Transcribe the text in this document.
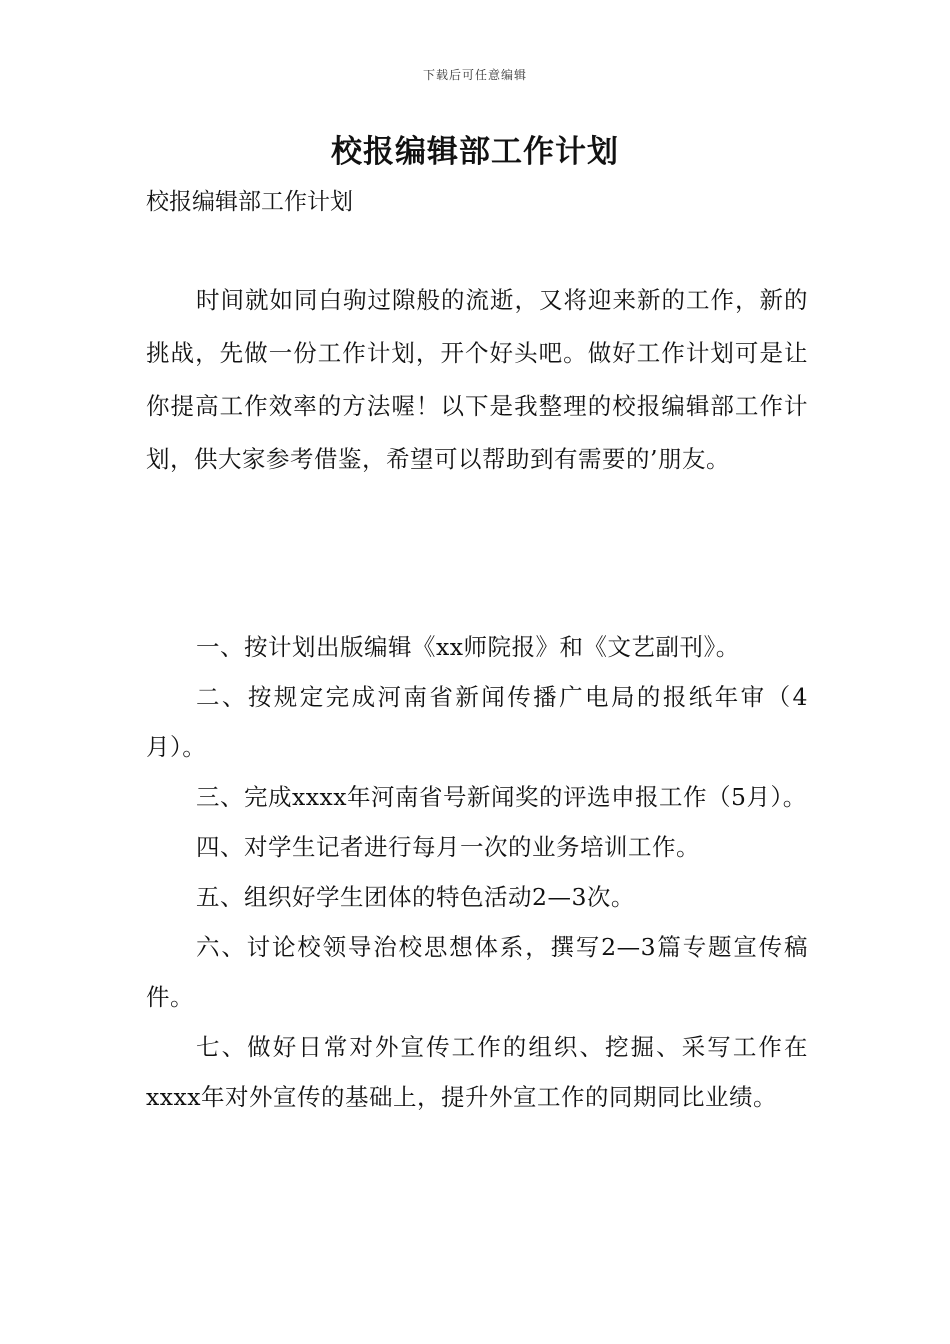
下载后可任意编辑
校报编辑部工作计划

校报编辑部工作计划

时间就如同白驹过隙般的流逝，又将迎来新的工作，新的挑战，先做一份工作计划，开个好头吧。做好工作计划可是让你提高工作效率的方法喔！以下是我整理的校报编辑部工作计划，供大家参考借鉴，希望可以帮助到有需要的’朋友。

一、按计划出版编辑《xx师院报》和《文艺副刊》。

二、按规定完成河南省新闻传播广电局的报纸年审（4月）。

三、完成xxxx年河南省号新闻奖的评选申报工作（5月）。

四、对学生记者进行每月一次的业务培训工作。

五、组织好学生团体的特色活动2—3次。

六、讨论校领导治校思想体系，撰写2—3篇专题宣传稿件。

七、做好日常对外宣传工作的组织、挖掘、采写工作在xxxx年对外宣传的基础上，提升外宣工作的同期同比业绩。
